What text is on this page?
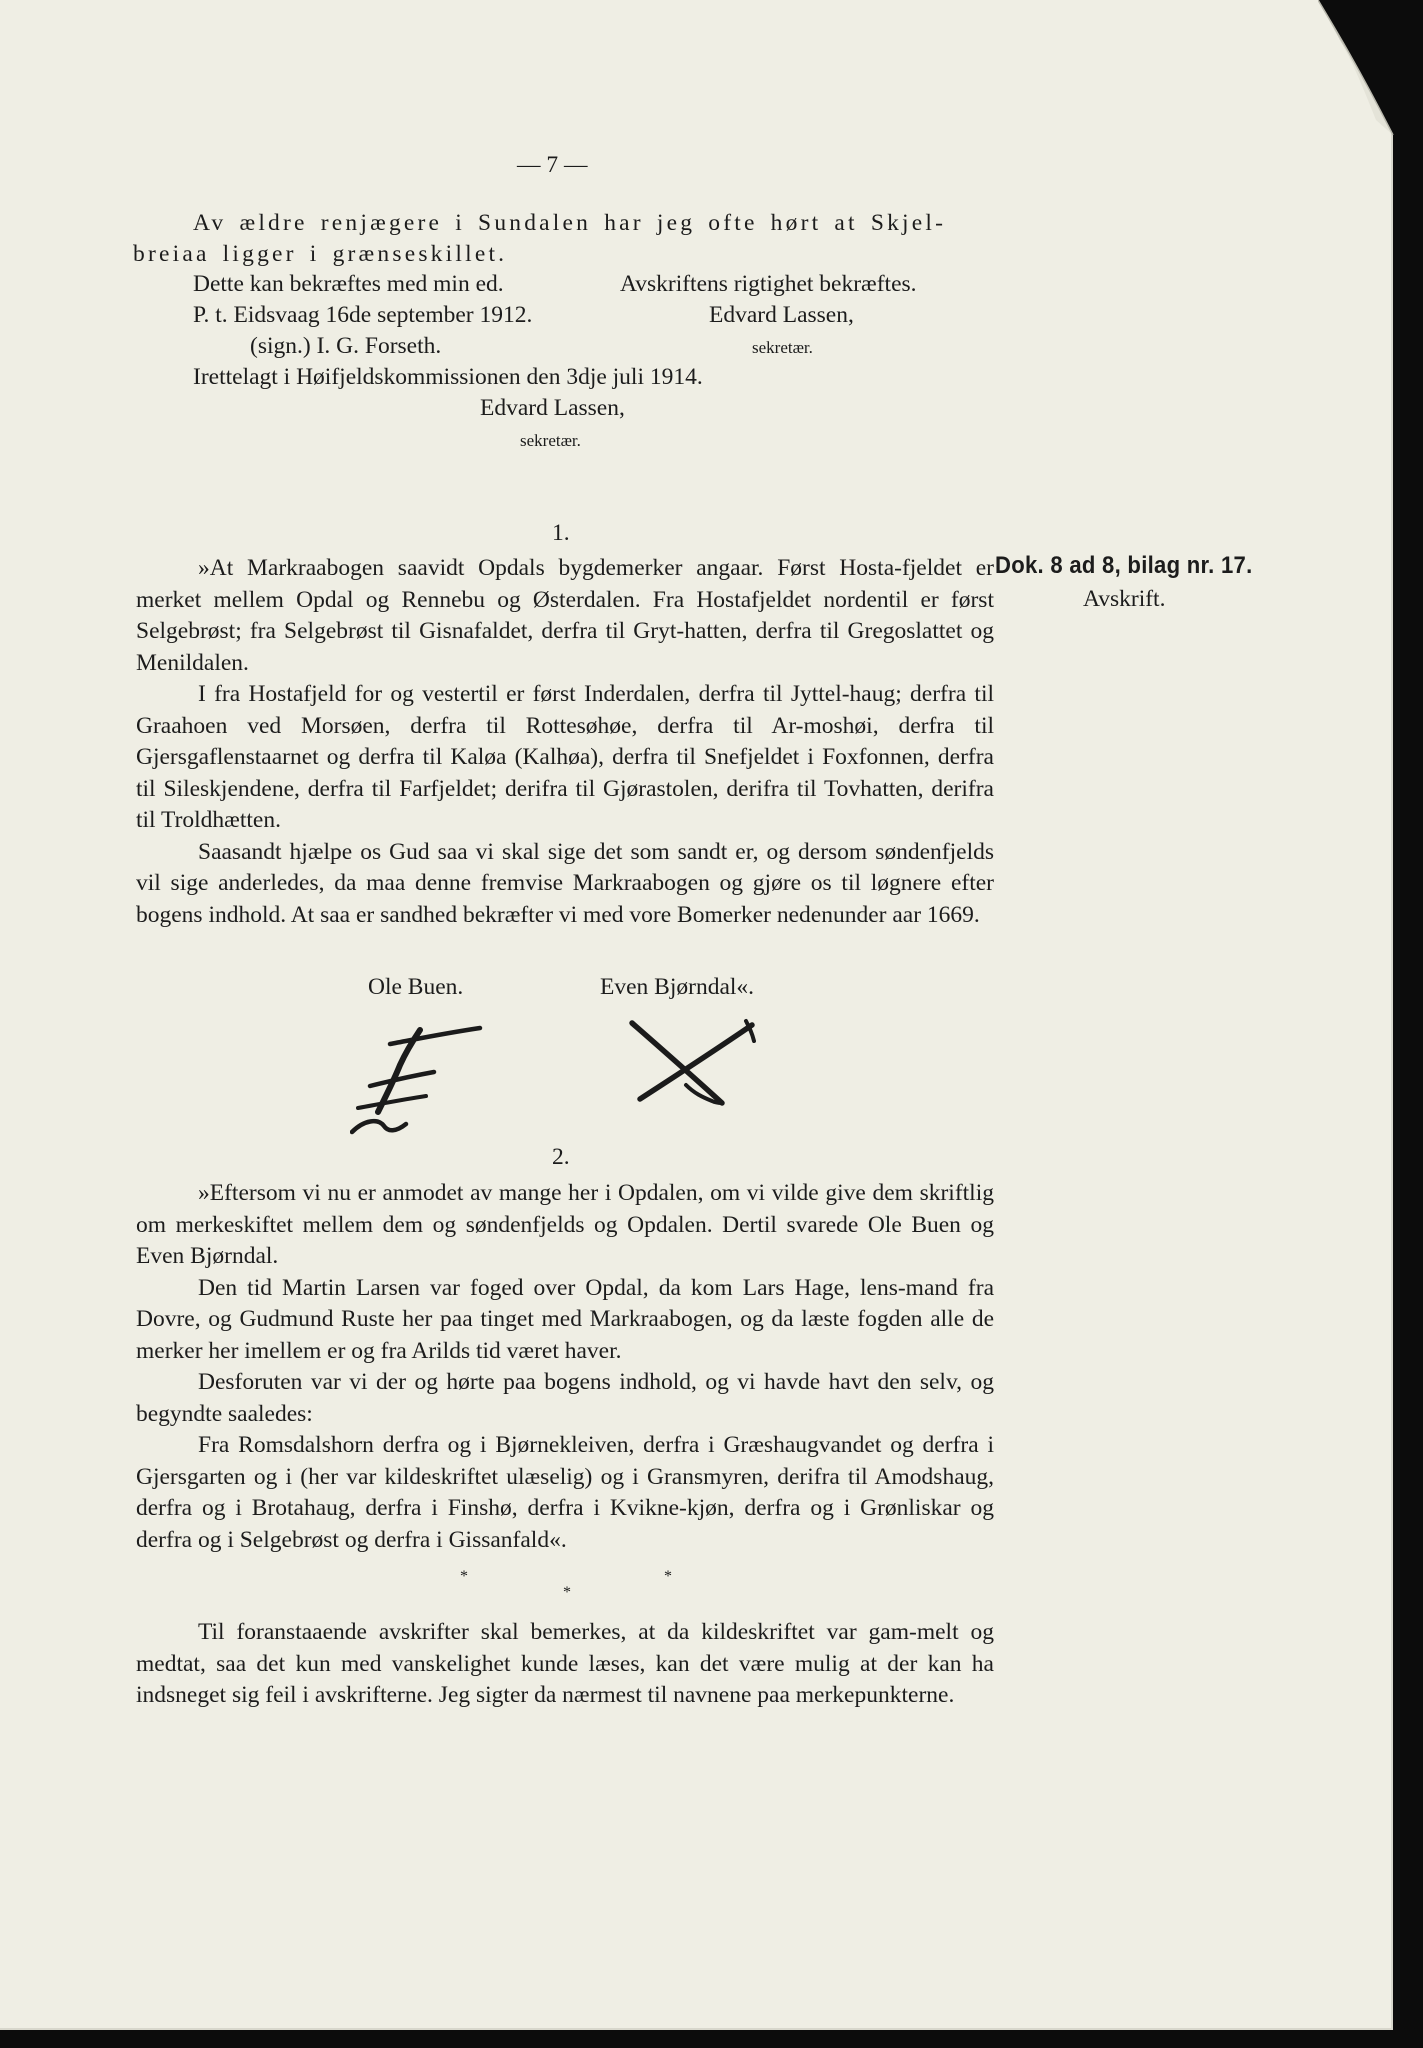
— 7 —
Av ældre renjægere i Sundalen har jeg ofte hørt at Skjel-
breiaa ligger i grænseskillet.
Dette kan bekræftes med min ed.	Avskriftens rigtighet bekræftes.
P. t. Eidsvaag 16de september 1912.	Edvard Lassen,
(sign.) I. G. Forseth.	sekretær.
Irettelagt i Høifjeldskommissionen den 3dje juli 1914.
Edvard Lassen,
sekretær.
1.
Dok. 8 ad 8, bilag nr. 17.
Avskrift.

»At Markraabogen saavidt Opdals bygdemerker angaar. Først Hosta-fjeldet er merket mellem Opdal og Rennebu og Østerdalen. Fra Hostafjeldet nordentil er først Selgebrøst; fra Selgebrøst til Gisnafaldet, derfra til Gryt-hatten, derfra til Gregoslattet og Menildalen.

I fra Hostafjeld for og vestertil er først Inderdalen, derfra til Jyttel-haug; derfra til Graahoen ved Morsøen, derfra til Rottesøhøe, derfra til Ar-moshøi, derfra til Gjersgaflenstaarnet og derfra til Kaløa (Kalhøa), derfra til Snefjeldet i Foxfonnen, derfra til Sileskjendene, derfra til Farfjeldet; derifra til Gjørastolen, derifra til Tovhatten, derifra til Troldhætten.

Saasandt hjælpe os Gud saa vi skal sige det som sandt er, og dersom søndenfjelds vil sige anderledes, da maa denne fremvise Markraabogen og gjøre os til løgnere efter bogens indhold. At saa er sandhed bekræfter vi med vore Bomerker nedenunder aar 1669.

Ole Buen.	Even Bjørndal«.
2.

»Eftersom vi nu er anmodet av mange her i Opdalen, om vi vilde give dem skriftlig om merkeskiftet mellem dem og søndenfjelds og Opdalen. Dertil svarede Ole Buen og Even Bjørndal.

Den tid Martin Larsen var foged over Opdal, da kom Lars Hage, lens-mand fra Dovre, og Gudmund Ruste her paa tinget med Markraabogen, og da læste fogden alle de merker her imellem er og fra Arilds tid været haver.

Desforuten var vi der og hørte paa bogens indhold, og vi havde havt den selv, og begyndte saaledes:

Fra Romsdalshorn derfra og i Bjørnekleiven, derfra i Græshaugvandet og derfra i Gjersgarten og i (her var kildeskriftet ulæselig) og i Gransmyren, derifra til Amodshaug, derfra og i Brotahaug, derfra i Finshø, derfra i Kvikne-kjøn, derfra og i Grønliskar og derfra og i Selgebrøst og derfra i Gissanfald«.

*	*
*

Til foranstaaende avskrifter skal bemerkes, at da kildeskriftet var gam-melt og medtat, saa det kun med vanskelighet kunde læses, kan det være mulig at der kan ha indsneget sig feil i avskrifterne. Jeg sigter da nærmest til navnene paa merkepunkterne.
